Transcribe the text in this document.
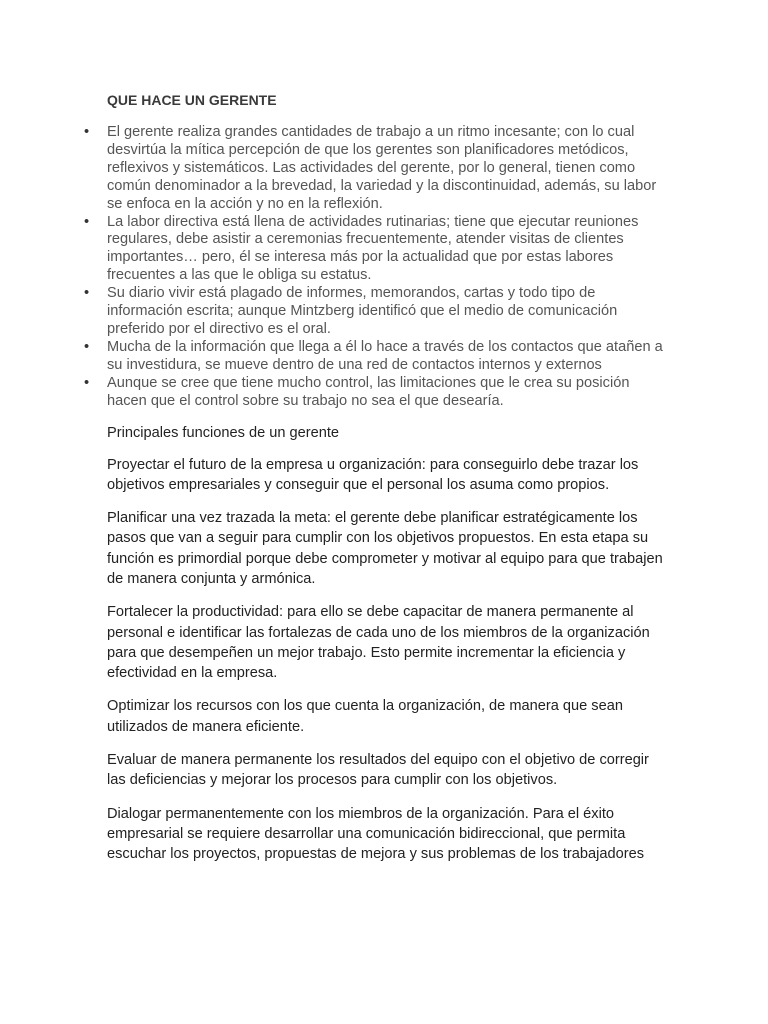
QUE HACE UN GERENTE
• El gerente realiza grandes cantidades de trabajo a un ritmo incesante; con lo cual desvirtúa la mítica percepción de que los gerentes son planificadores metódicos, reflexivos y sistemáticos. Las actividades del gerente, por lo general, tienen como común denominador a la brevedad, la variedad y la discontinuidad, además, su labor se enfoca en la acción y no en la reflexión.
• La labor directiva está llena de actividades rutinarias; tiene que ejecutar reuniones regulares, debe asistir a ceremonias frecuentemente, atender visitas de clientes importantes… pero, él se interesa más por la actualidad que por estas labores frecuentes a las que le obliga su estatus.
• Su diario vivir está plagado de informes, memorandos, cartas y todo tipo de información escrita; aunque Mintzberg identificó que el medio de comunicación preferido por el directivo es el oral.
• Mucha de la información que llega a él lo hace a través de los contactos que atañen a su investidura, se mueve dentro de una red de contactos internos y externos
• Aunque se cree que tiene mucho control, las limitaciones que le crea su posición hacen que el control sobre su trabajo no sea el que desearía.

Principales funciones de un gerente

Proyectar el futuro de la empresa u organización: para conseguirlo debe trazar los objetivos empresariales y conseguir que el personal los asuma como propios.

Planificar una vez trazada la meta: el gerente debe planificar estratégicamente los pasos que van a seguir para cumplir con los objetivos propuestos. En esta etapa su función es primordial porque debe comprometer y motivar al equipo para que trabajen de manera conjunta y armónica.

Fortalecer la productividad: para ello se debe capacitar de manera permanente al personal e identificar las fortalezas de cada uno de los miembros de la organización para que desempeñen un mejor trabajo. Esto permite incrementar la eficiencia y efectividad en la empresa.

Optimizar los recursos con los que cuenta la organización, de manera que sean utilizados de manera eficiente.

Evaluar de manera permanente los resultados del equipo con el objetivo de corregir las deficiencias y mejorar los procesos para cumplir con los objetivos.

Dialogar permanentemente con los miembros de la organización. Para el éxito empresarial se requiere desarrollar una comunicación bidireccional, que permita escuchar los proyectos, propuestas de mejora y sus problemas de los trabajadores
